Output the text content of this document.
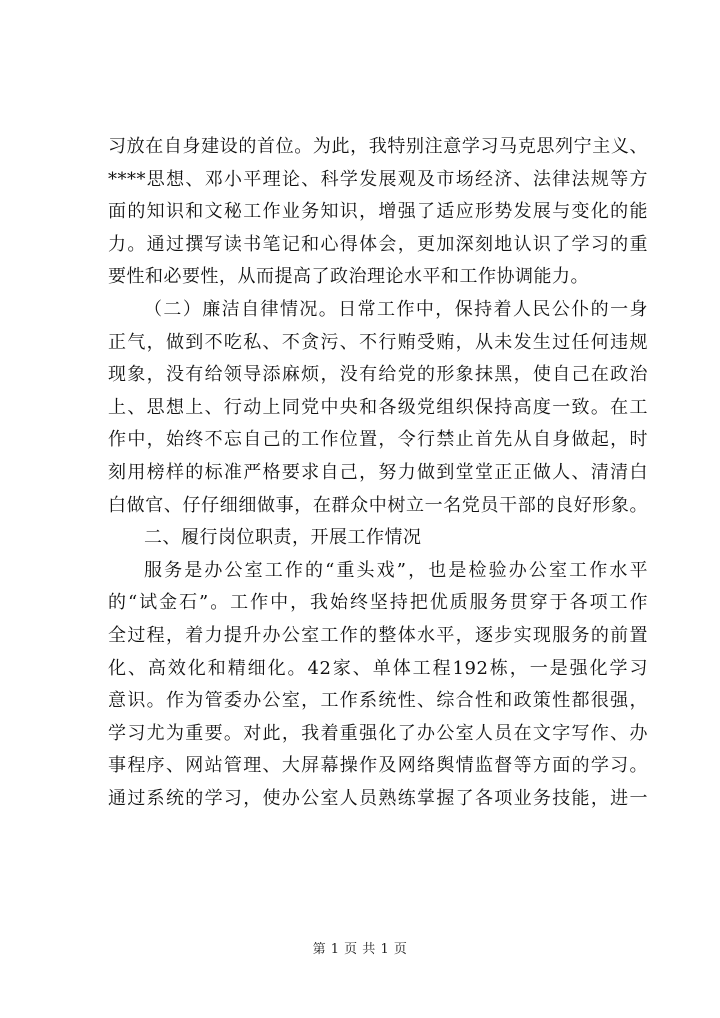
习放在自身建设的首位。为此，我特别注意学习马克思列宁主义、
****思想、邓小平理论、科学发展观及市场经济、法律法规等方
面的知识和文秘工作业务知识，增强了适应形势发展与变化的能
力。通过撰写读书笔记和心得体会，更加深刻地认识了学习的重
要性和必要性，从而提高了政治理论水平和工作协调能力。
（二）廉洁自律情况。日常工作中，保持着人民公仆的一身
正气，做到不吃私、不贪污、不行贿受贿，从未发生过任何违规
现象，没有给领导添麻烦，没有给党的形象抹黑，使自己在政治
上、思想上、行动上同党中央和各级党组织保持高度一致。在工
作中，始终不忘自己的工作位置，令行禁止首先从自身做起，时
刻用榜样的标准严格要求自己，努力做到堂堂正正做人、清清白
白做官、仔仔细细做事，在群众中树立一名党员干部的良好形象。
二、履行岗位职责，开展工作情况
服务是办公室工作的“重头戏”，也是检验办公室工作水平
的“试金石”。工作中，我始终坚持把优质服务贯穿于各项工作
全过程，着力提升办公室工作的整体水平，逐步实现服务的前置
化、高效化和精细化。42家、单体工程192栋，一是强化学习
意识。作为管委办公室，工作系统性、综合性和政策性都很强，
学习尤为重要。对此，我着重强化了办公室人员在文字写作、办
事程序、网站管理、大屏幕操作及网络舆情监督等方面的学习。
通过系统的学习，使办公室人员熟练掌握了各项业务技能，进一
第 1 页 共 1 页
